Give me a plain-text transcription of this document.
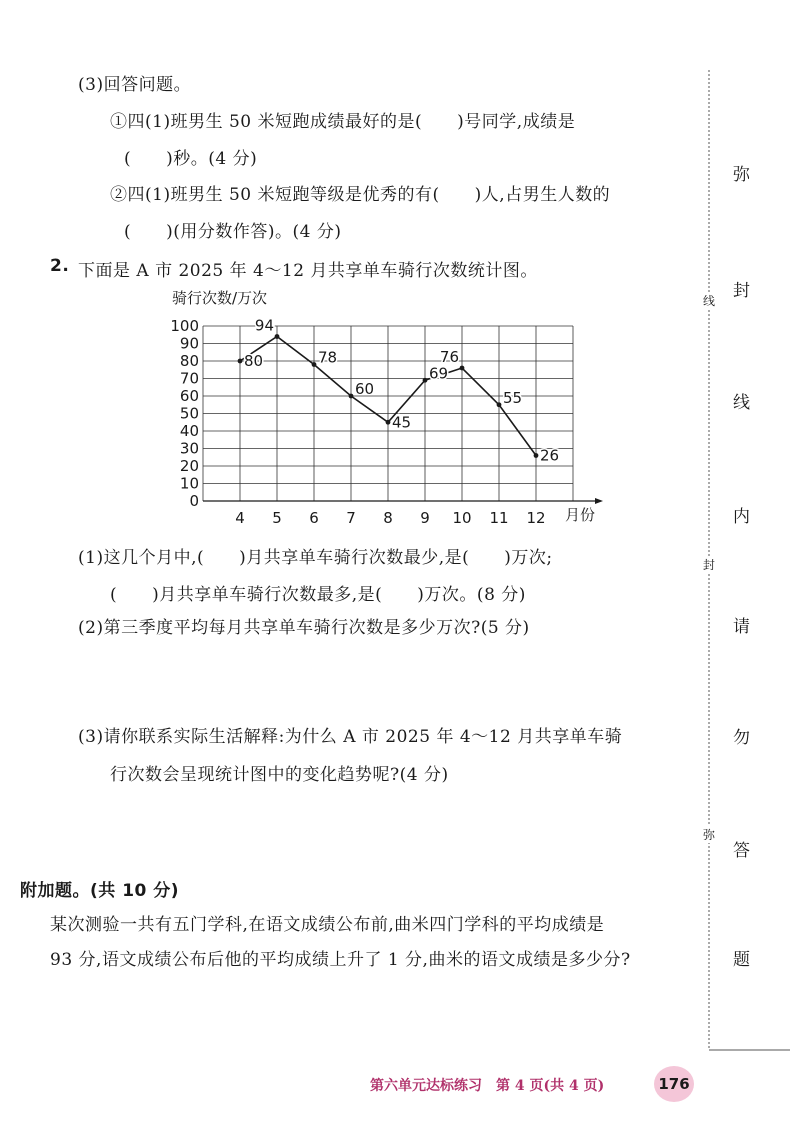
(3)回答问题。
①四(1)班男生 50 米短跑成绩最好的是(　　)号同学,成绩是
(　　)秒。(4 分)
②四(1)班男生 50 米短跑等级是优秀的有(　　)人,占男生人数的
(　　)(用分数作答)。(4 分)
2. 下面是 A 市 2025 年 4～12 月共享单车骑行次数统计图。
骑行次数/万次
0
10
20
30
40
50
60
70
80
90
100
4 5 6 7 8 9 10 11 12
80
94
78
60
45
69
76
55
26
月份
(1)这几个月中,(　　)月共享单车骑行次数最少,是(　　)万次;
(　　)月共享单车骑行次数最多,是(　　)万次。(8 分)
(2)第三季度平均每月共享单车骑行次数是多少万次?(5 分)
(3)请你联系实际生活解释:为什么 A 市 2025 年 4～12 月共享单车骑
行次数会呈现统计图中的变化趋势呢?(4 分)
附加题。(共 10 分)
某次测验一共有五门学科,在语文成绩公布前,曲米四门学科的平均成绩是
93 分,语文成绩公布后他的平均成绩上升了 1 分,曲米的语文成绩是多少分?
弥
封
线
内
请
勿
答
题
线
封
弥
第六单元达标练习　第 4 页(共 4 页)	176
